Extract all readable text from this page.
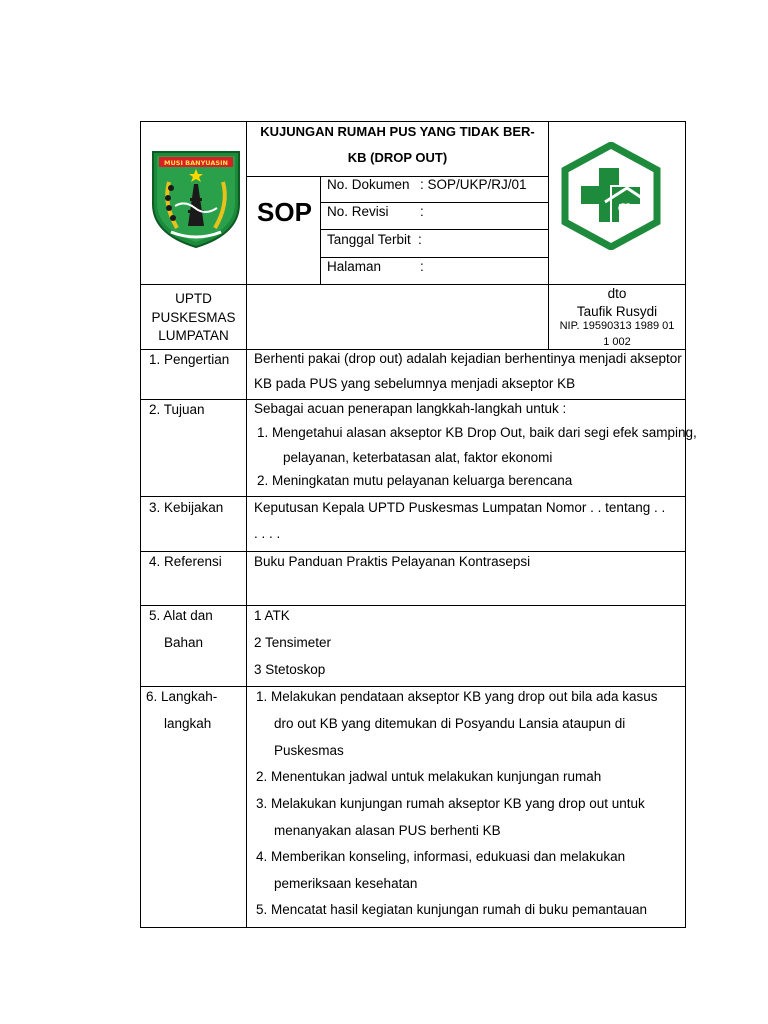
MUSI BANYUASIN
KUJUNGAN RUMAH PUS YANG TIDAK BER-
KB (DROP OUT)
SOP
No. Dokumen : SOP/UKP/RJ/01
No. Revisi :
Tanggal Terbit :
Halaman	:
UPTD
PUSKESMAS
LUMPATAN
dto
Taufik Rusydi
NIP. 19590313 1989 01
1 002
1. Pengertian Berhenti pakai (drop out) adalah kejadian berhentinya menjadi akseptor
KB pada PUS yang sebelumnya menjadi akseptor KB
2. Tujuan	Sebagai acuan penerapan langkkah-langkah untuk :
1. Mengetahui alasan akseptor KB Drop Out, baik dari segi efek samping,
pelayanan, keterbatasan alat, faktor ekonomi
2. Meningkatan mutu pelayanan keluarga berencana
3. Kebijakan Keputusan Kepala UPTD Puskesmas Lumpatan Nomor . . tentang . .
. . . .
4. Referensi Buku Panduan Praktis Pelayanan Kontrasepsi
5. Alat dan
Bahan
1 ATK
2 Tensimeter
3 Stetoskop
6. Langkah-
langkah
1. Melakukan pendataan akseptor KB yang drop out bila ada kasus
dro out KB yang ditemukan di Posyandu Lansia ataupun di
Puskesmas
2. Menentukan jadwal untuk melakukan kunjungan rumah
3. Melakukan kunjungan rumah akseptor KB yang drop out untuk
menanyakan alasan PUS berhenti KB
4. Memberikan konseling, informasi, edukuasi dan melakukan
pemeriksaan kesehatan
5. Mencatat hasil kegiatan kunjungan rumah di buku pemantauan
